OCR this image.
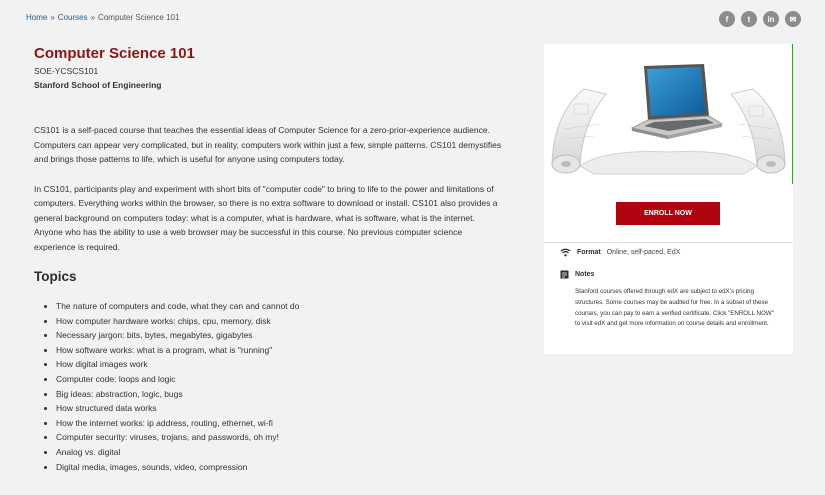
Home » Courses » Computer Science 101	f	t	in	✉
Computer Science 101
SOE-YCSCS101
Stanford School of Engineering

CS101 is a self-paced course that teaches the essential ideas of Computer Science for a zero-prior-experience audience. Computers can appear very complicated, but in reality, computers work within just a few, simple patterns. CS101 demystifies and brings those patterns to life, which is useful for anyone using computers today.

In CS101, participants play and experiment with short bits of "computer code" to bring to life to the power and limitations of computers. Everything works within the browser, so there is no extra software to download or install. CS101 also provides a general background on computers today: what is a computer, what is hardware, what is software, what is the internet. Anyone who has the ability to use a web browser may be successful in this course. No previous computer science experience is required.

Topics
• The nature of computers and code, what they can and cannot do
• How computer hardware works: chips, cpu, memory, disk
• Necessary jargon: bits, bytes, megabytes, gigabytes
• How software works: what is a program, what is "running"
• How digital images work
• Computer code: loops and logic
• Big ideas: abstraction, logic, bugs
• How structured data works
• How the internet works: ip address, routing, ethernet, wi-fi
• Computer security: viruses, trojans, and passwords, oh my!
• Analog vs. digital
• Digital media, images, sounds, video, compression
ENROLL NOW
Format Online, self-paced, EdX
Notes
Stanford courses offered through edX are subject to edX's pricing structures. Some courses may be audited for free. In a subset of these courses, you can pay to earn a verified certificate. Click "ENROLL NOW" to visit edX and get more information on course details and enrollment.
